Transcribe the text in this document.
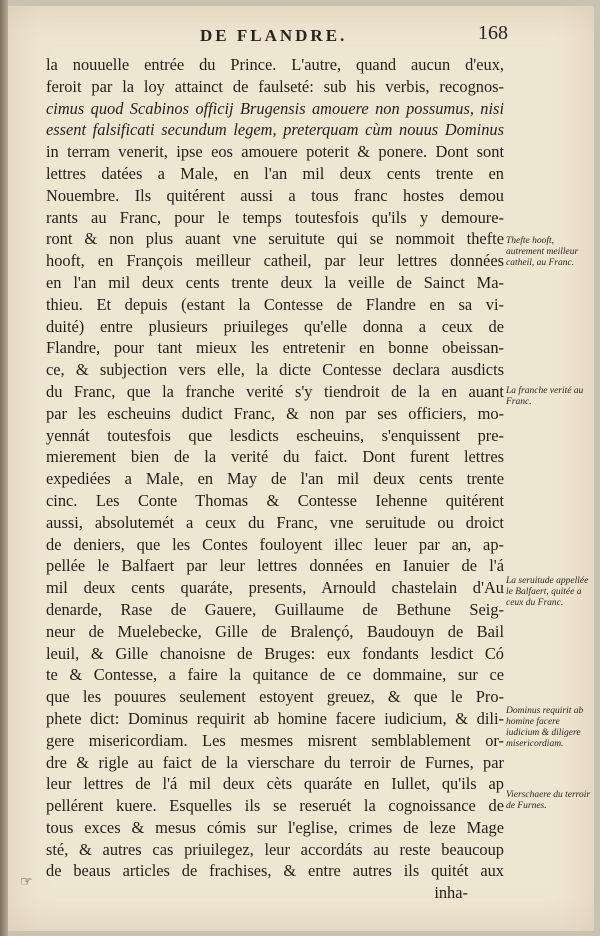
DE FLANDRE.	168
la nouuelle entrée du Prince. L'autre, quand aucun d'eux,
feroit par la loy attainct de faulseté: sub his verbis, recognos-
cimus quod Scabinos officij Brugensis amouere non possumus, nisi
essent falsificati secundum legem, preterquam cùm nouus Dominus
in terram venerit, ipse eos amouere poterit & ponere. Dont sont
lettres datées a Male, en l'an mil deux cents trente en
Nouembre. Ils quitérent aussi a tous franc hostes demou
rants au Franc, pour le temps toutesfois qu'ils y demoure-
ront & non plus auant vne seruitute qui se nommoit thefte
hooft, en François meilleur catheil, par leur lettres données
en l'an mil deux cents trente deux la veille de Sainct Ma-
thieu. Et depuis (estant la Contesse de Flandre en sa vi-
duité) entre plusieurs priuileges qu'elle donna a ceux de
Flandre, pour tant mieux les entretenir en bonne obeissan-
ce, & subjection vers elle, la dicte Contesse declara ausdicts
du Franc, que la franche verité s'y tiendroit de la en auant
par les escheuins dudict Franc, & non par ses officiers, mo-
yennát toutesfois que lesdicts escheuins, s'enquissent pre-
mierement bien de la verité du faict. Dont furent lettres
expediées a Male, en May de l'an mil deux cents trente
cinc. Les Conte Thomas & Contesse Iehenne quitérent
aussi, absolutemét a ceux du Franc, vne seruitude ou droict
de deniers, que les Contes fouloyent illec leuer par an, ap-
pellée le Balfaert par leur lettres données en Ianuier de l'á
mil deux cents quaráte, presents, Arnould chastelain d'Au
denarde, Rase de Gauere, Guillaume de Bethune Seig-
neur de Muelebecke, Gille de Bralençó, Baudouyn de Bail
leuil, & Gille chanoisne de Bruges: eux fondants lesdict Có
te & Contesse, a faire la quitance de ce dommaine, sur ce
que les pouures seulement estoyent greuez, & que le Pro-
phete dict: Dominus requirit ab homine facere iudicium, & dili-
gere misericordiam. Les mesmes misrent semblablement or-
dre & rigle au faict de la vierschare du terroir de Furnes, par
leur lettres de l'á mil deux cèts quaráte en Iullet, qu'ils ap
pellérent kuere. Esquelles ils se reseruét la cognoissance de
tous exces & mesus cómis sur l'eglise, crimes de leze Mage
sté, & autres cas priuilegez, leur accordáts au reste beaucoup
de beaus articles de frachises, & entre autres ils quitét aux
inha-
Thefte hooft, autrement meilleur catheil, au Franc.
La franche verité au Franc.
La seruitude appellée le Balfaert, quitée a ceux du Franc.
Dominus requirit ab homine facere iudicium & diligere misericordiam.
Vierschaere du terroir de Furnes.
☞
